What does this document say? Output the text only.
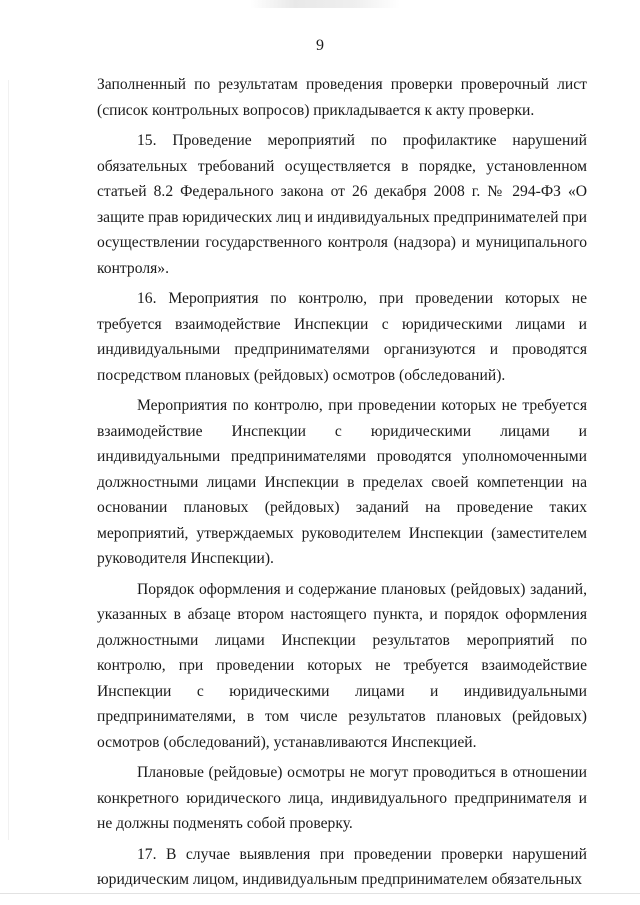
9

Заполненный по результатам проведения проверки проверочный лист (список контрольных вопросов) прикладывается к акту проверки.

15. Проведение мероприятий по профилактике нарушений обязательных требований осуществляется в порядке, установленном статьей 8.2 Федерального закона от 26 декабря 2008 г. № 294-ФЗ «О защите прав юридических лиц и индивидуальных предпринимателей при осуществлении государственного контроля (надзора) и муниципального контроля».

16. Мероприятия по контролю, при проведении которых не требуется взаимодействие Инспекции с юридическими лицами и индивидуальными предпринимателями организуются и проводятся посредством плановых (рейдовых) осмотров (обследований).

Мероприятия по контролю, при проведении которых не требуется взаимодействие Инспекции с юридическими лицами и индивидуальными предпринимателями проводятся уполномоченными должностными лицами Инспекции в пределах своей компетенции на основании плановых (рейдовых) заданий на проведение таких мероприятий, утверждаемых руководителем Инспекции (заместителем руководителя Инспекции).

Порядок оформления и содержание плановых (рейдовых) заданий, указанных в абзаце втором настоящего пункта, и порядок оформления должностными лицами Инспекции результатов мероприятий по контролю, при проведении которых не требуется взаимодействие Инспекции с юридическими лицами и индивидуальными предпринимателями, в том числе результатов плановых (рейдовых) осмотров (обследований), устанавливаются Инспекцией.

Плановые (рейдовые) осмотры не могут проводиться в отношении конкретного юридического лица, индивидуального предпринимателя и не должны подменять собой проверку.

17. В случае выявления при проведении проверки нарушений юридическим лицом, индивидуальным предпринимателем обязательных
